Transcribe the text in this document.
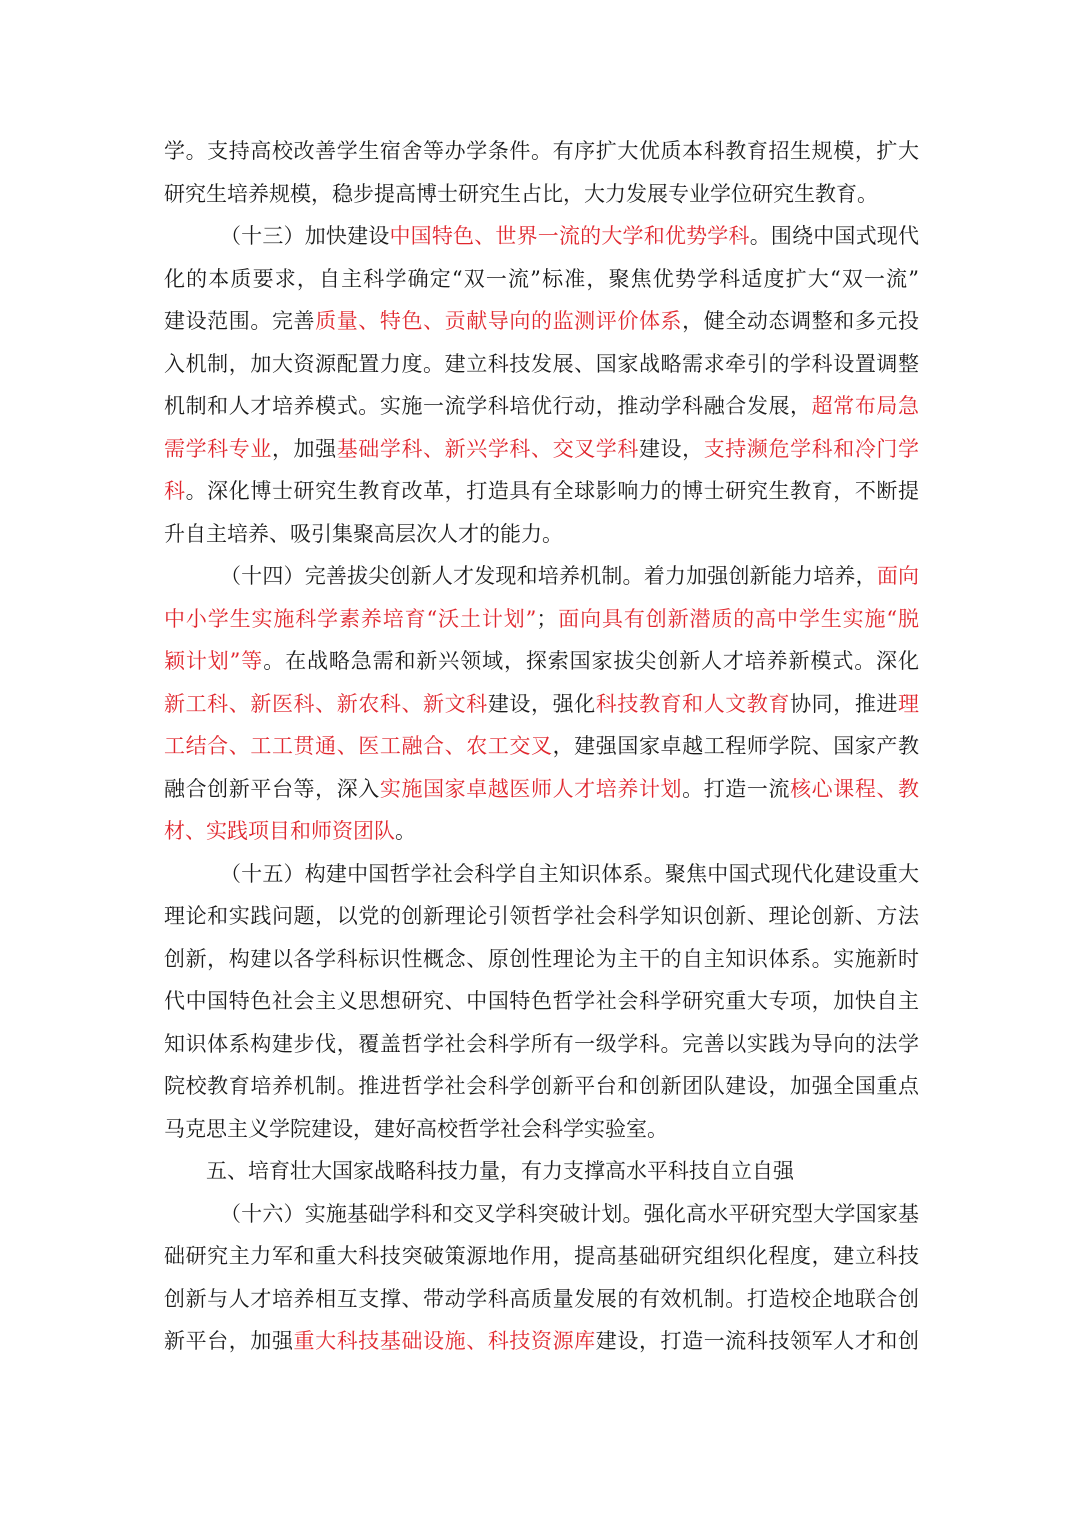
学。支持高校改善学生宿舍等办学条件。有序扩大优质本科教育招生规模，扩大
研究生培养规模，稳步提高博士研究生占比，大力发展专业学位研究生教育。
（十三）加快建设中国特色、世界一流的大学和优势学科。围绕中国式现代
化的本质要求，自主科学确定“双一流”标准，聚焦优势学科适度扩大“双一流”
建设范围。完善质量、特色、贡献导向的监测评价体系，健全动态调整和多元投
入机制，加大资源配置力度。建立科技发展、国家战略需求牵引的学科设置调整
机制和人才培养模式。实施一流学科培优行动，推动学科融合发展，超常布局急
需学科专业，加强基础学科、新兴学科、交叉学科建设，支持濒危学科和冷门学
科。深化博士研究生教育改革，打造具有全球影响力的博士研究生教育，不断提
升自主培养、吸引集聚高层次人才的能力。
（十四）完善拔尖创新人才发现和培养机制。着力加强创新能力培养，面向
中小学生实施科学素养培育“沃土计划”；面向具有创新潜质的高中学生实施“脱
颖计划”等。在战略急需和新兴领域，探索国家拔尖创新人才培养新模式。深化
新工科、新医科、新农科、新文科建设，强化科技教育和人文教育协同，推进理
工结合、工工贯通、医工融合、农工交叉，建强国家卓越工程师学院、国家产教
融合创新平台等，深入实施国家卓越医师人才培养计划。打造一流核心课程、教
材、实践项目和师资团队。
（十五）构建中国哲学社会科学自主知识体系。聚焦中国式现代化建设重大
理论和实践问题，以党的创新理论引领哲学社会科学知识创新、理论创新、方法
创新，构建以各学科标识性概念、原创性理论为主干的自主知识体系。实施新时
代中国特色社会主义思想研究、中国特色哲学社会科学研究重大专项，加快自主
知识体系构建步伐，覆盖哲学社会科学所有一级学科。完善以实践为导向的法学
院校教育培养机制。推进哲学社会科学创新平台和创新团队建设，加强全国重点
马克思主义学院建设，建好高校哲学社会科学实验室。
五、培育壮大国家战略科技力量，有力支撑高水平科技自立自强
（十六）实施基础学科和交叉学科突破计划。强化高水平研究型大学国家基
础研究主力军和重大科技突破策源地作用，提高基础研究组织化程度，建立科技
创新与人才培养相互支撑、带动学科高质量发展的有效机制。打造校企地联合创
新平台，加强重大科技基础设施、科技资源库建设，打造一流科技领军人才和创
